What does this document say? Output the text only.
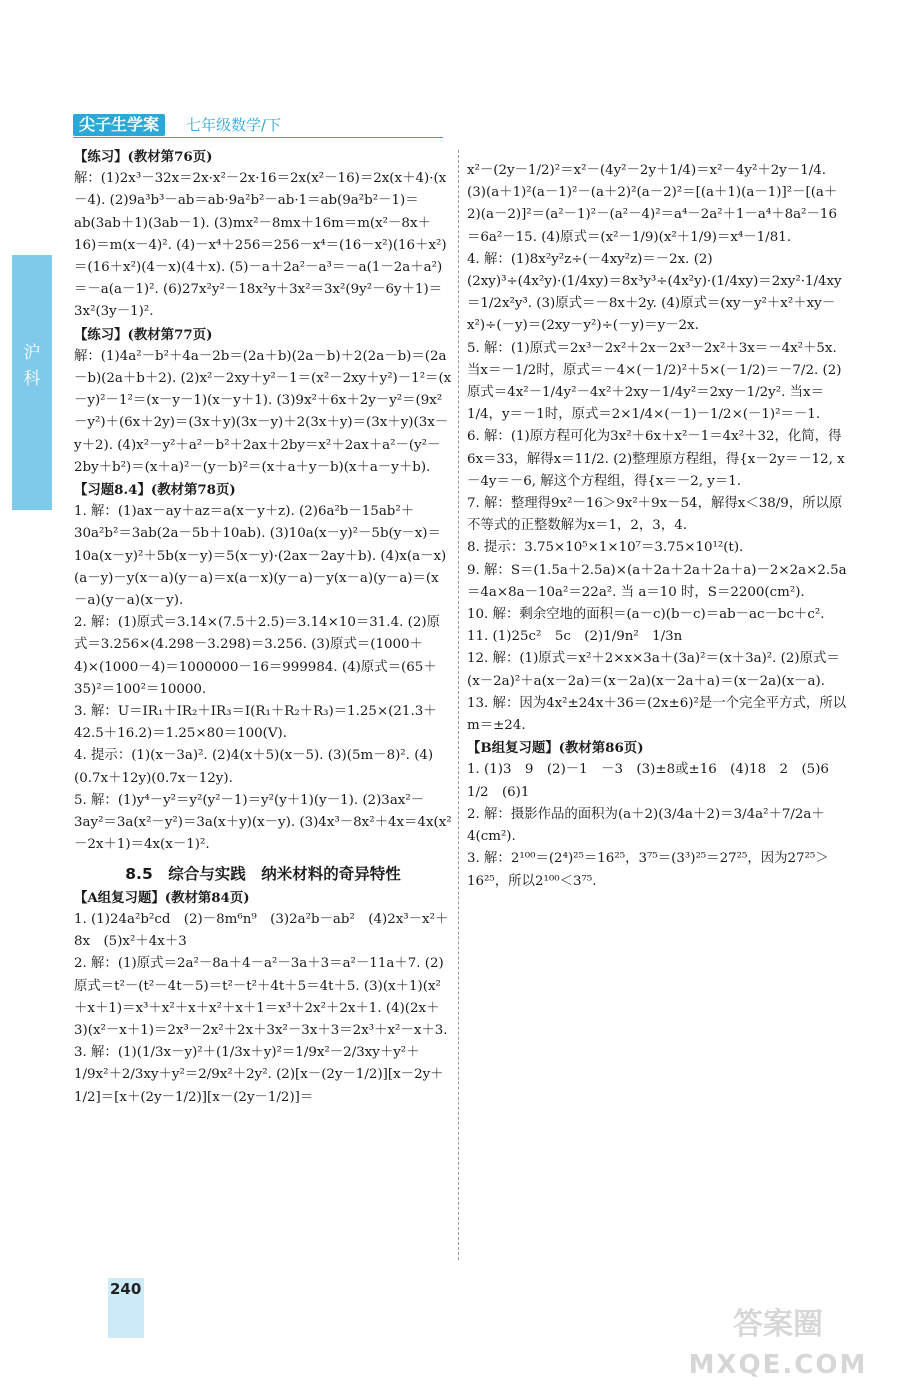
沪科
尖子生学案	七年级数学/下
【练习】(教材第76页)
解：(1)2x³－32x＝2x·x²－2x·16＝2x(x²－16)＝2x(x＋4)·(x－4). (2)9a³b³－ab＝ab·9a²b²－ab·1＝ab(9a²b²－1)＝ab(3ab＋1)(3ab－1). (3)mx²－8mx＋16m＝m(x²－8x＋16)＝m(x－4)². (4)－x⁴＋256＝256－x⁴＝(16－x²)(16＋x²)＝(16＋x²)(4－x)(4＋x). (5)－a＋2a²－a³＝－a(1－2a＋a²)＝－a(a－1)². (6)27x²y²－18x²y＋3x²＝3x²(9y²－6y＋1)＝3x²(3y－1)².
【练习】(教材第77页)
解：(1)4a²－b²＋4a－2b＝(2a＋b)(2a－b)＋2(2a－b)＝(2a－b)(2a＋b＋2). (2)x²－2xy＋y²－1＝(x²－2xy＋y²)－1²＝(x－y)²－1²＝(x－y－1)(x－y＋1). (3)9x²＋6x＋2y－y²＝(9x²－y²)＋(6x＋2y)＝(3x＋y)(3x－y)＋2(3x＋y)＝(3x＋y)(3x－y＋2). (4)x²－y²＋a²－b²＋2ax＋2by＝x²＋2ax＋a²－(y²－2by＋b²)＝(x＋a)²－(y－b)²＝(x＋a＋y－b)(x＋a－y＋b).
【习题8.4】(教材第78页)
1. 解：(1)ax－ay＋az＝a(x－y＋z). (2)6a²b－15ab²＋30a²b²＝3ab(2a－5b＋10ab). (3)10a(x－y)²－5b(y－x)＝10a(x－y)²＋5b(x－y)＝5(x－y)·(2ax－2ay＋b). (4)x(a－x)(a－y)－y(x－a)(y－a)＝x(a－x)(y－a)－y(x－a)(y－a)＝(x－a)(y－a)(x－y).
2. 解：(1)原式＝3.14×(7.5＋2.5)＝3.14×10＝31.4. (2)原式＝3.256×(4.298－3.298)＝3.256. (3)原式＝(1000＋4)×(1000－4)＝1000000－16＝999984. (4)原式＝(65＋35)²＝100²＝10000.
3. 解：U＝IR₁＋IR₂＋IR₃＝I(R₁＋R₂＋R₃)＝1.25×(21.3＋42.5＋16.2)＝1.25×80＝100(V).
4. 提示：(1)(x－3a)². (2)4(x＋5)(x－5). (3)(5m－8)². (4)(0.7x＋12y)(0.7x－12y).
5. 解：(1)y⁴－y²＝y²(y²－1)＝y²(y＋1)(y－1). (2)3ax²－3ay²＝3a(x²－y²)＝3a(x＋y)(x－y). (3)4x³－8x²＋4x＝4x(x²－2x＋1)＝4x(x－1)².
8.5　综合与实践　纳米材料的奇异特性
【A组复习题】(教材第84页)
1. (1)24a²b²cd　(2)－8m⁶n⁹　(3)2a²b－ab²　(4)2x³－x²＋8x　(5)x²＋4x＋3
2. 解：(1)原式＝2a²－8a＋4－a²－3a＋3＝a²－11a＋7. (2)原式＝t²－(t²－4t－5)＝t²－t²＋4t＋5＝4t＋5. (3)(x＋1)(x²＋x＋1)＝x³＋x²＋x＋x²＋x＋1＝x³＋2x²＋2x＋1. (4)(2x＋3)(x²－x＋1)＝2x³－2x²＋2x＋3x²－3x＋3＝2x³＋x²－x＋3.
3. 解：(1)(1/3x－y)²＋(1/3x＋y)²＝1/9x²－2/3xy＋y²＋1/9x²＋2/3xy＋y²＝2/9x²＋2y². (2)[x－(2y－1/2)][x－2y＋1/2]＝[x＋(2y－1/2)][x－(2y－1/2)]＝
x²－(2y－1/2)²＝x²－(4y²－2y＋1/4)＝x²－4y²＋2y－1/4. (3)(a＋1)²(a－1)²－(a＋2)²(a－2)²＝[(a＋1)(a－1)]²－[(a＋2)(a－2)]²＝(a²－1)²－(a²－4)²＝a⁴－2a²＋1－a⁴＋8a²－16＝6a²－15. (4)原式＝(x²－1/9)(x²＋1/9)＝x⁴－1/81.
4. 解：(1)8x²y²z÷(－4xy²z)＝－2x. (2)(2xy)³÷(4x²y)·(1/4xy)＝8x³y³÷(4x²y)·(1/4xy)＝2xy²·1/4xy＝1/2x²y³. (3)原式＝－8x＋2y. (4)原式＝(xy－y²＋x²＋xy－x²)÷(－y)＝(2xy－y²)÷(－y)＝y－2x.
5. 解：(1)原式＝2x³－2x²＋2x－2x³－2x²＋3x＝－4x²＋5x. 当x＝－1/2时，原式＝－4×(－1/2)²＋5×(－1/2)＝－7/2. (2)原式＝4x²－1/4y²－4x²＋2xy－1/4y²＝2xy－1/2y². 当x＝1/4，y＝－1时，原式＝2×1/4×(－1)－1/2×(－1)²＝－1.
6. 解：(1)原方程可化为3x²＋6x＋x²－1＝4x²＋32，化简，得6x＝33，解得x＝11/2. (2)整理原方程组，得{x－2y＝－12, x－4y＝－6, 解这个方程组，得{x＝－2, y＝1.
7. 解：整理得9x²－16＞9x²＋9x－54，解得x＜38/9，所以原不等式的正整数解为x＝1，2，3，4.
8. 提示：3.75×10⁵×1×10⁷＝3.75×10¹²(t).
9. 解：S＝(1.5a＋2.5a)×(a＋2a＋2a＋2a＋a)－2×2a×2.5a＝4a×8a－10a²＝22a². 当 a＝10 时，S＝2200(cm²).
10. 解：剩余空地的面积＝(a－c)(b－c)＝ab－ac－bc＋c².
11. (1)25c²　5c　(2)1/9n²　1/3n
12. 解：(1)原式＝x²＋2×x×3a＋(3a)²＝(x＋3a)². (2)原式＝(x－2a)²＋a(x－2a)＝(x－2a)(x－2a＋a)＝(x－2a)(x－a).
13. 解：因为4x²±24x＋36＝(2x±6)²是一个完全平方式，所以m＝±24.
【B组复习题】(教材第86页)
1. (1)3　9　(2)－1　－3　(3)±8或±16　(4)18　2　(5)6　1/2　(6)1
2. 解：摄影作品的面积为(a＋2)(3/4a＋2)＝3/4a²＋7/2a＋4(cm²).
3. 解：2¹⁰⁰＝(2⁴)²⁵＝16²⁵，3⁷⁵＝(3³)²⁵＝27²⁵，因为27²⁵＞16²⁵，所以2¹⁰⁰＜3⁷⁵.
240
答案圈
MXQE.COM
